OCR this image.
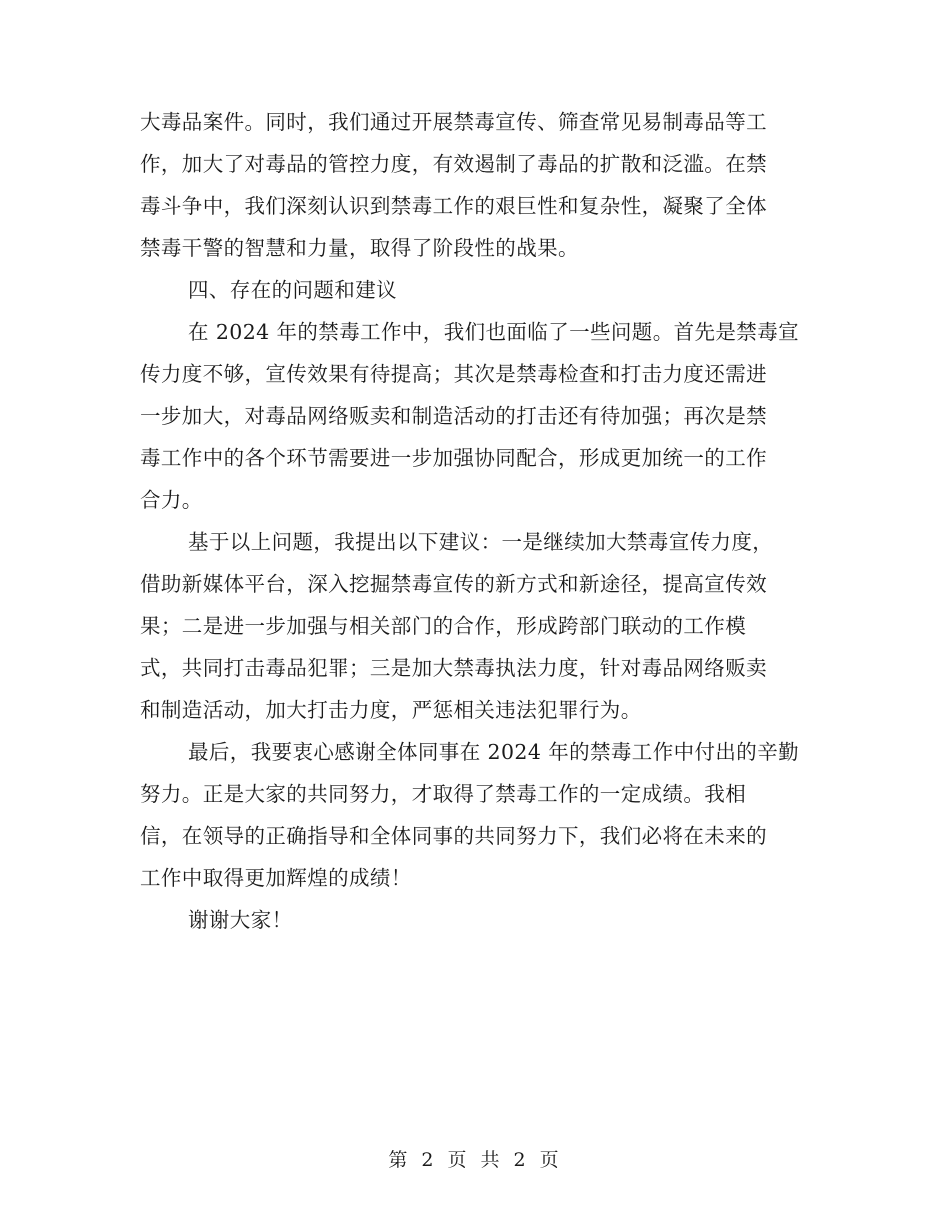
大毒品案件。同时，我们通过开展禁毒宣传、筛查常见易制毒品等工
作，加大了对毒品的管控力度，有效遏制了毒品的扩散和泛滥。在禁
毒斗争中，我们深刻认识到禁毒工作的艰巨性和复杂性，凝聚了全体
禁毒干警的智慧和力量，取得了阶段性的战果。
四、存在的问题和建议
在 2024 年的禁毒工作中，我们也面临了一些问题。首先是禁毒宣
传力度不够，宣传效果有待提高；其次是禁毒检查和打击力度还需进
一步加大，对毒品网络贩卖和制造活动的打击还有待加强；再次是禁
毒工作中的各个环节需要进一步加强协同配合，形成更加统一的工作
合力。
基于以上问题，我提出以下建议：一是继续加大禁毒宣传力度，
借助新媒体平台，深入挖掘禁毒宣传的新方式和新途径，提高宣传效
果；二是进一步加强与相关部门的合作，形成跨部门联动的工作模
式，共同打击毒品犯罪；三是加大禁毒执法力度，针对毒品网络贩卖
和制造活动，加大打击力度，严惩相关违法犯罪行为。
最后，我要衷心感谢全体同事在 2024 年的禁毒工作中付出的辛勤
努力。正是大家的共同努力，才取得了禁毒工作的一定成绩。我相
信，在领导的正确指导和全体同事的共同努力下，我们必将在未来的
工作中取得更加辉煌的成绩！
谢谢大家！
第 2 页 共 2 页
